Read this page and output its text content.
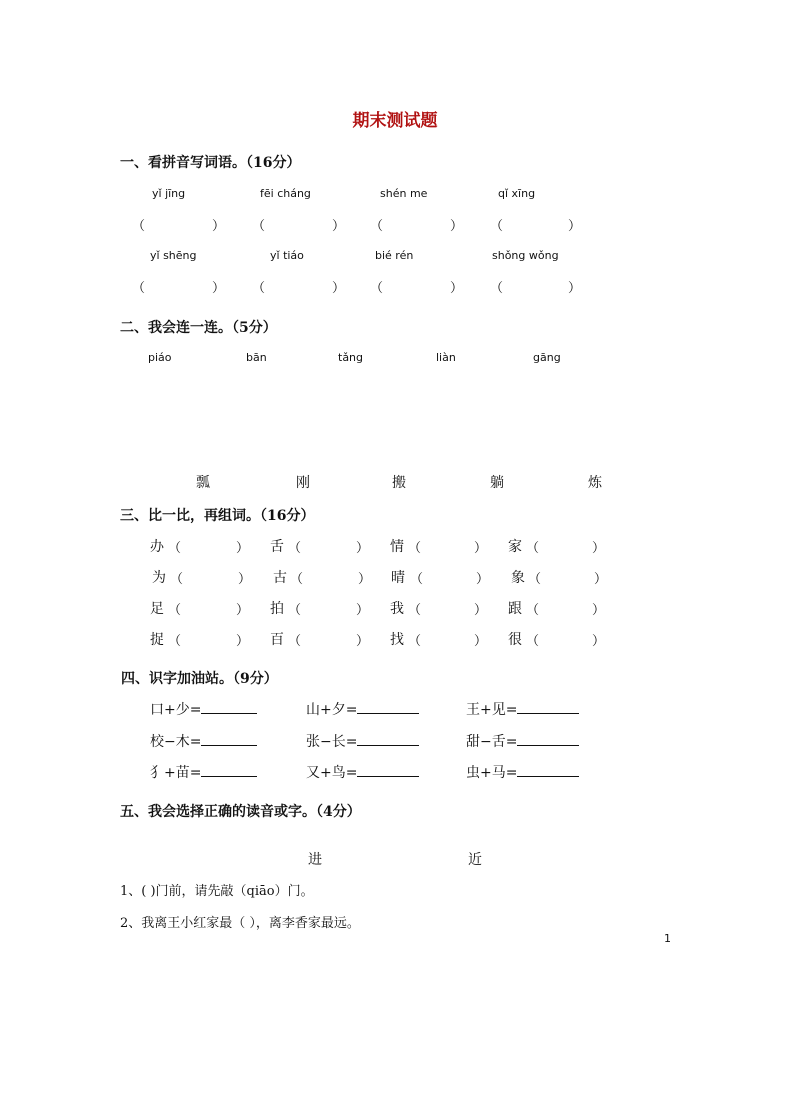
期末测试题
一、看拼音写词语。（16分）
yǐ jīng	fēi cháng	shén me	qǐ xīng
（	） （	） （	） （	）
yǐ shēng	yǐ tiáo	bié rén	shǒng wǒng
（	） （	） （	） （	）
二、我会连一连。（5分）
piáo	bān	tǎng	liàn	gāng
瓢	刚	搬	躺	炼
三、比一比，再组词。（16分）
办 （	） 舌 （	） 情 （	） 家 （	）
为 （	） 古 （	） 晴 （	） 象 （	）
足 （	） 拍 （	） 我 （	） 跟 （	）
捉 （	） 百 （	） 找 （	） 很 （	）
四、识字加油站。（9分）
口+少=	山+夕=	王+见=
校−木=	张−长=	甜−舌=
犭+苗=	又+鸟=	虫+马=
五、我会选择正确的读音或字。（4分）
进	近
1、( )门前，请先敲（qiāo）门。
2、我离王小红家最（ ），离李香家最远。
1
